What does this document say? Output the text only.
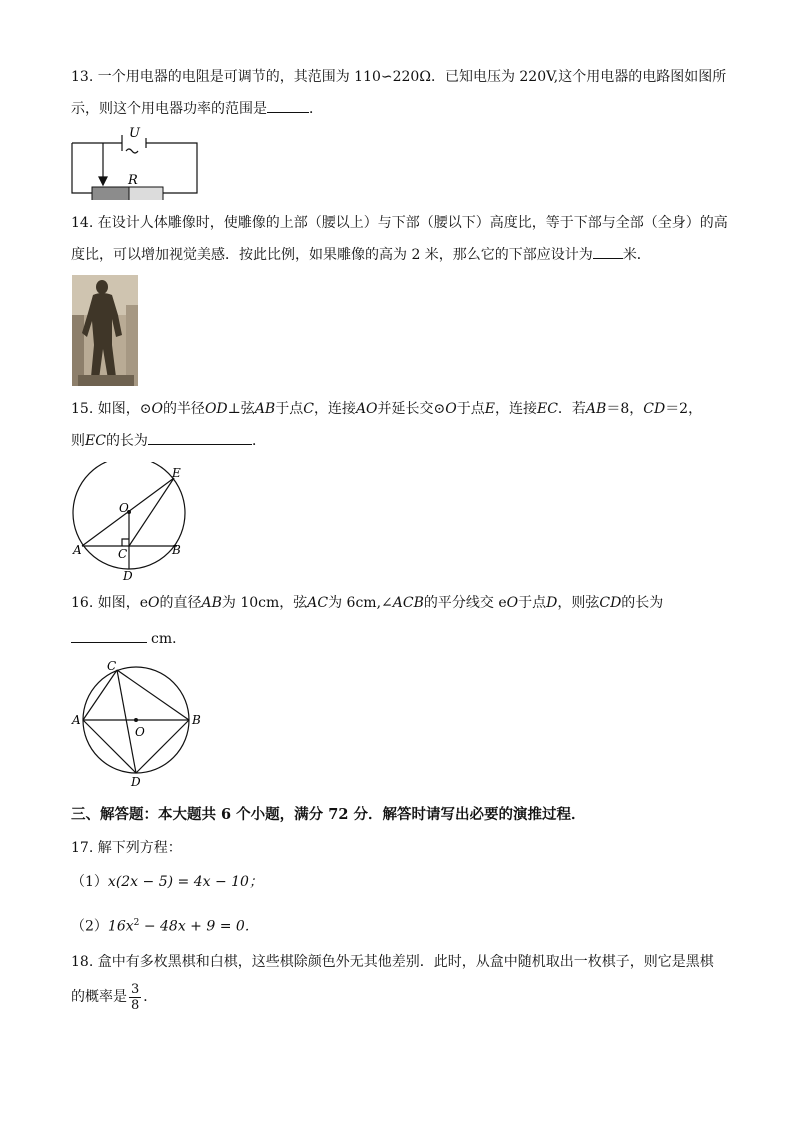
13. 一个用电器的电阻是可调节的，其范围为 110∽220Ω．已知电压为 220V,这个用电器的电路图如图所
示，则这个用电器功率的范围是	．
U
R
14. 在设计人体雕像时，使雕像的上部（腰以上）与下部（腰以下）高度比，等于下部与全部（全身）的高
度比，可以增加视觉美感．按此比例，如果雕像的高为 2 米，那么它的下部应设计为 米．
15. 如图，⊙O的半径OD⊥弦AB于点C，连接AO并延长交⊙O于点E，连接EC．若AB＝8，CD＝2，
则EC的长为	．
E
O
A	C	B
D
16. 如图，eO的直径AB为 10cm，弦AC为 6cm,∠ACB的平分线交 eO于点D，则弦CD的长为
cm．
C
A
O
B
D
三、解答题：本大题共 6 个小题，满分 72 分．解答时请写出必要的演推过程．
17. 解下列方程：
（1）x(2x − 5) = 4x − 10；
$(2)16x^2 - 48x + 9 = 0$．
18. 盒中有多枚黑棋和白棋，这些棋除颜色外无其他差别．此时，从盒中随机取出一枚棋子，则它是黑棋
的概率是 $\frac{3}{8}$ ．
